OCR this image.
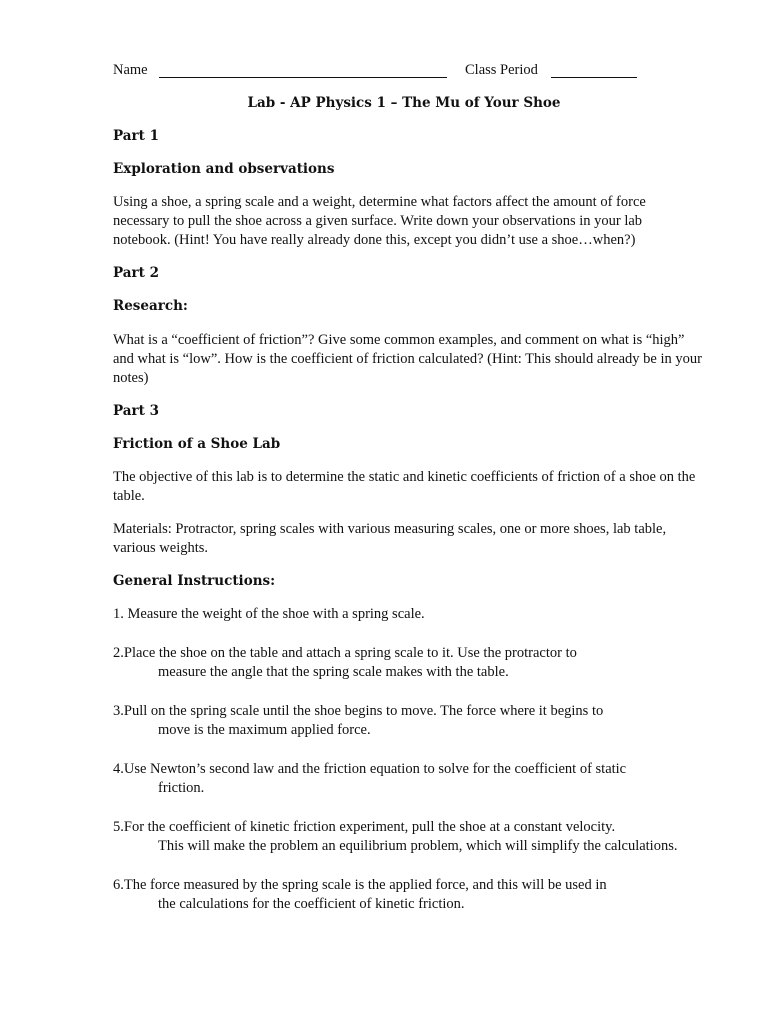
Name	Class Period
Lab - AP Physics 1 – The Mu of Your Shoe

Part 1

Exploration and observations

Using a shoe, a spring scale and a weight, determine what factors affect the amount of force necessary to pull the shoe across a given surface. Write down your observations in your lab notebook. (Hint! You have really already done this, except you didn’t use a shoe…when?)

Part 2

Research:

What is a “coefficient of friction”? Give some common examples, and comment on what is “high” and what is “low”. How is the coefficient of friction calculated? (Hint: This should already be in your notes)

Part 3

Friction of a Shoe Lab

The objective of this lab is to determine the static and kinetic coefficients of friction of a shoe on the table.

Materials: Protractor, spring scales with various measuring scales, one or more shoes, lab table, various weights.

General Instructions:

1. Measure the weight of the shoe with a spring scale.
2.Place the shoe on the table and attach a spring scale to it. Use the protractor to
measure the angle that the spring scale makes with the table.
3.Pull on the spring scale until the shoe begins to move. The force where it begins to
move is the maximum applied force.
4.Use Newton’s second law and the friction equation to solve for the coefficient of static
friction.
5.For the coefficient of kinetic friction experiment, pull the shoe at a constant velocity.
This will make the problem an equilibrium problem, which will simplify the calculations.
6.The force measured by the spring scale is the applied force, and this will be used in
the calculations for the coefficient of kinetic friction.
